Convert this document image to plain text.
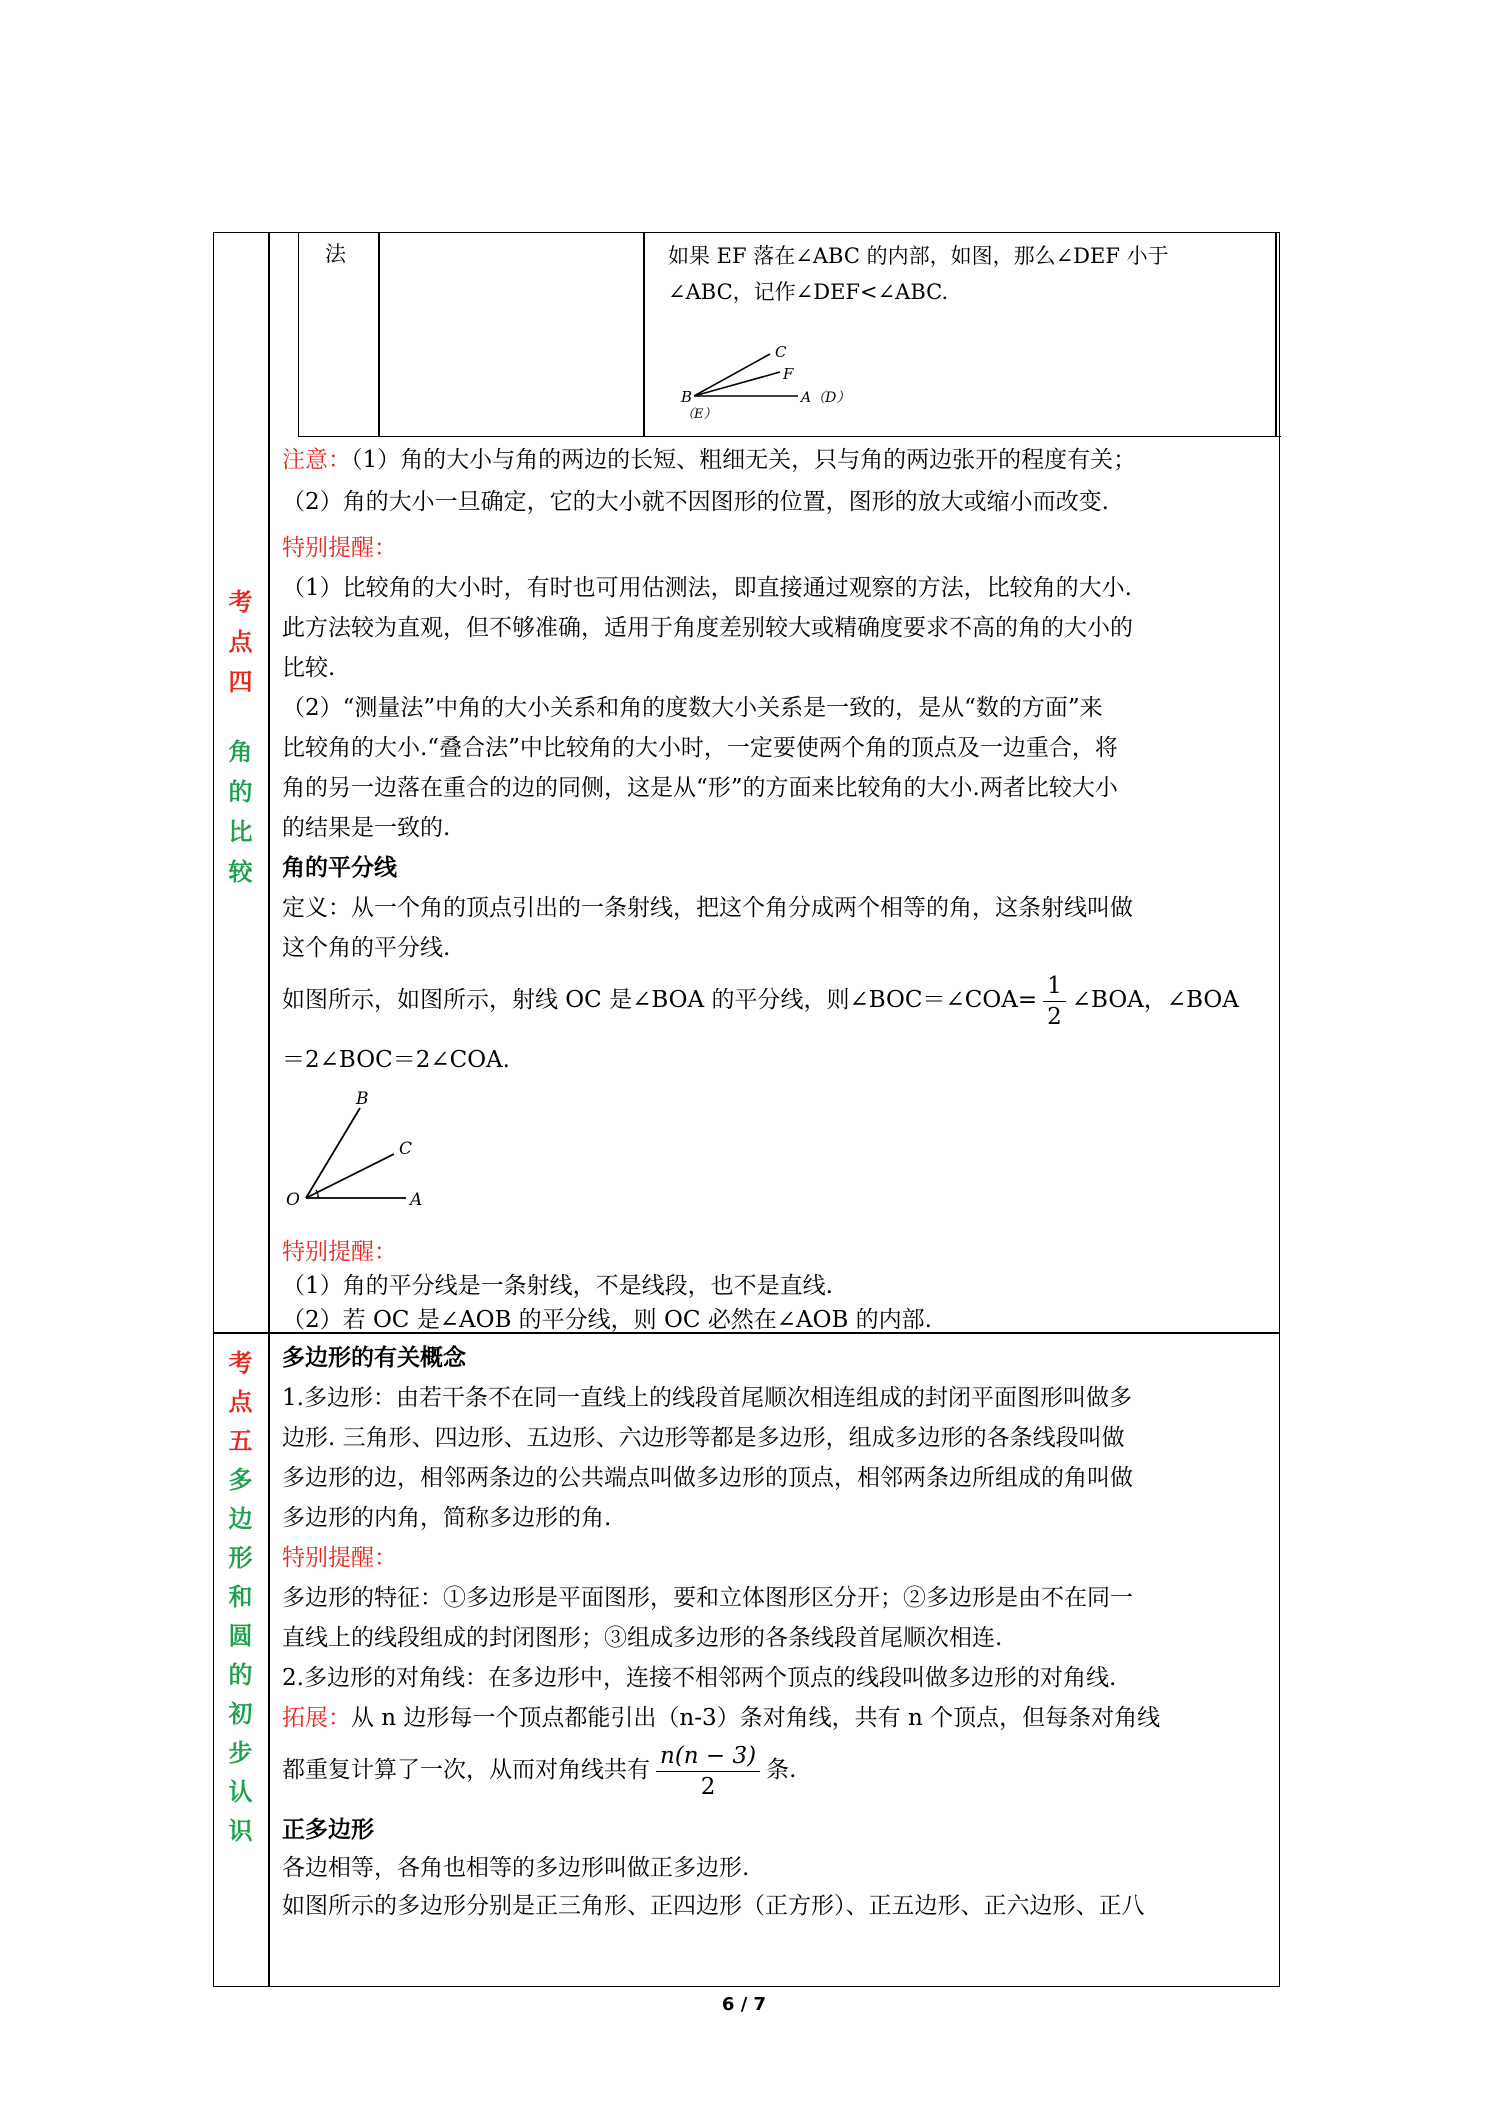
考
点
四
角
的
比
较
考
点
五
多
边
形
和
圆
的
初
步
认
识
法	如果 EF 落在∠ABC 的内部，如图，那么∠DEF 小于
∠ABC，记作∠DEF<∠ABC.
C
F
B
（E）
A（D）
注意：（1）角的大小与角的两边的长短、粗细无关，只与角的两边张开的程度有关；
（2）角的大小一旦确定，它的大小就不因图形的位置，图形的放大或缩小而改变.
特别提醒：
（1）比较角的大小时，有时也可用估测法，即直接通过观察的方法，比较角的大小.
此方法较为直观，但不够准确，适用于角度差别较大或精确度要求不高的角的大小的
比较.
（2）“测量法”中角的大小关系和角的度数大小关系是一致的，是从“数的方面”来
比较角的大小.“叠合法”中比较角的大小时，一定要使两个角的顶点及一边重合，将
角的另一边落在重合的边的同侧，这是从“形”的方面来比较角的大小.两者比较大小
的结果是一致的.
角的平分线
定义：从一个角的顶点引出的一条射线，把这个角分成两个相等的角，这条射线叫做
这个角的平分线.
如图所示，如图所示，射线 OC 是∠BOA 的平分线，则∠BOC＝∠COA= $\frac{1}{2}$ ∠BOA，∠BOA
＝2∠BOC＝2∠COA.
B
C
O	A
特别提醒：
（1）角的平分线是一条射线，不是线段，也不是直线.
（2）若 OC 是∠AOB 的平分线，则 OC 必然在∠AOB 的内部.
多边形的有关概念
1.多边形：由若干条不在同一直线上的线段首尾顺次相连组成的封闭平面图形叫做多
边形. 三角形、四边形、五边形、六边形等都是多边形，组成多边形的各条线段叫做
多边形的边，相邻两条边的公共端点叫做多边形的顶点，相邻两条边所组成的角叫做
多边形的内角，简称多边形的角.
特别提醒：
多边形的特征：①多边形是平面图形，要和立体图形区分开；②多边形是由不在同一
直线上的线段组成的封闭图形；③组成多边形的各条线段首尾顺次相连.
2.多边形的对角线：在多边形中，连接不相邻两个顶点的线段叫做多边形的对角线.
拓展：从 n 边形每一个顶点都能引出（n-3）条对角线，共有 n 个顶点，但每条对角线
都重复计算了一次，从而对角线共有 $\frac{n(n - 3)}{2}$ 条.
正多边形
各边相等，各角也相等的多边形叫做正多边形.
如图所示的多边形分别是正三角形、正四边形（正方形）、正五边形、正六边形、正八
6 / 7
